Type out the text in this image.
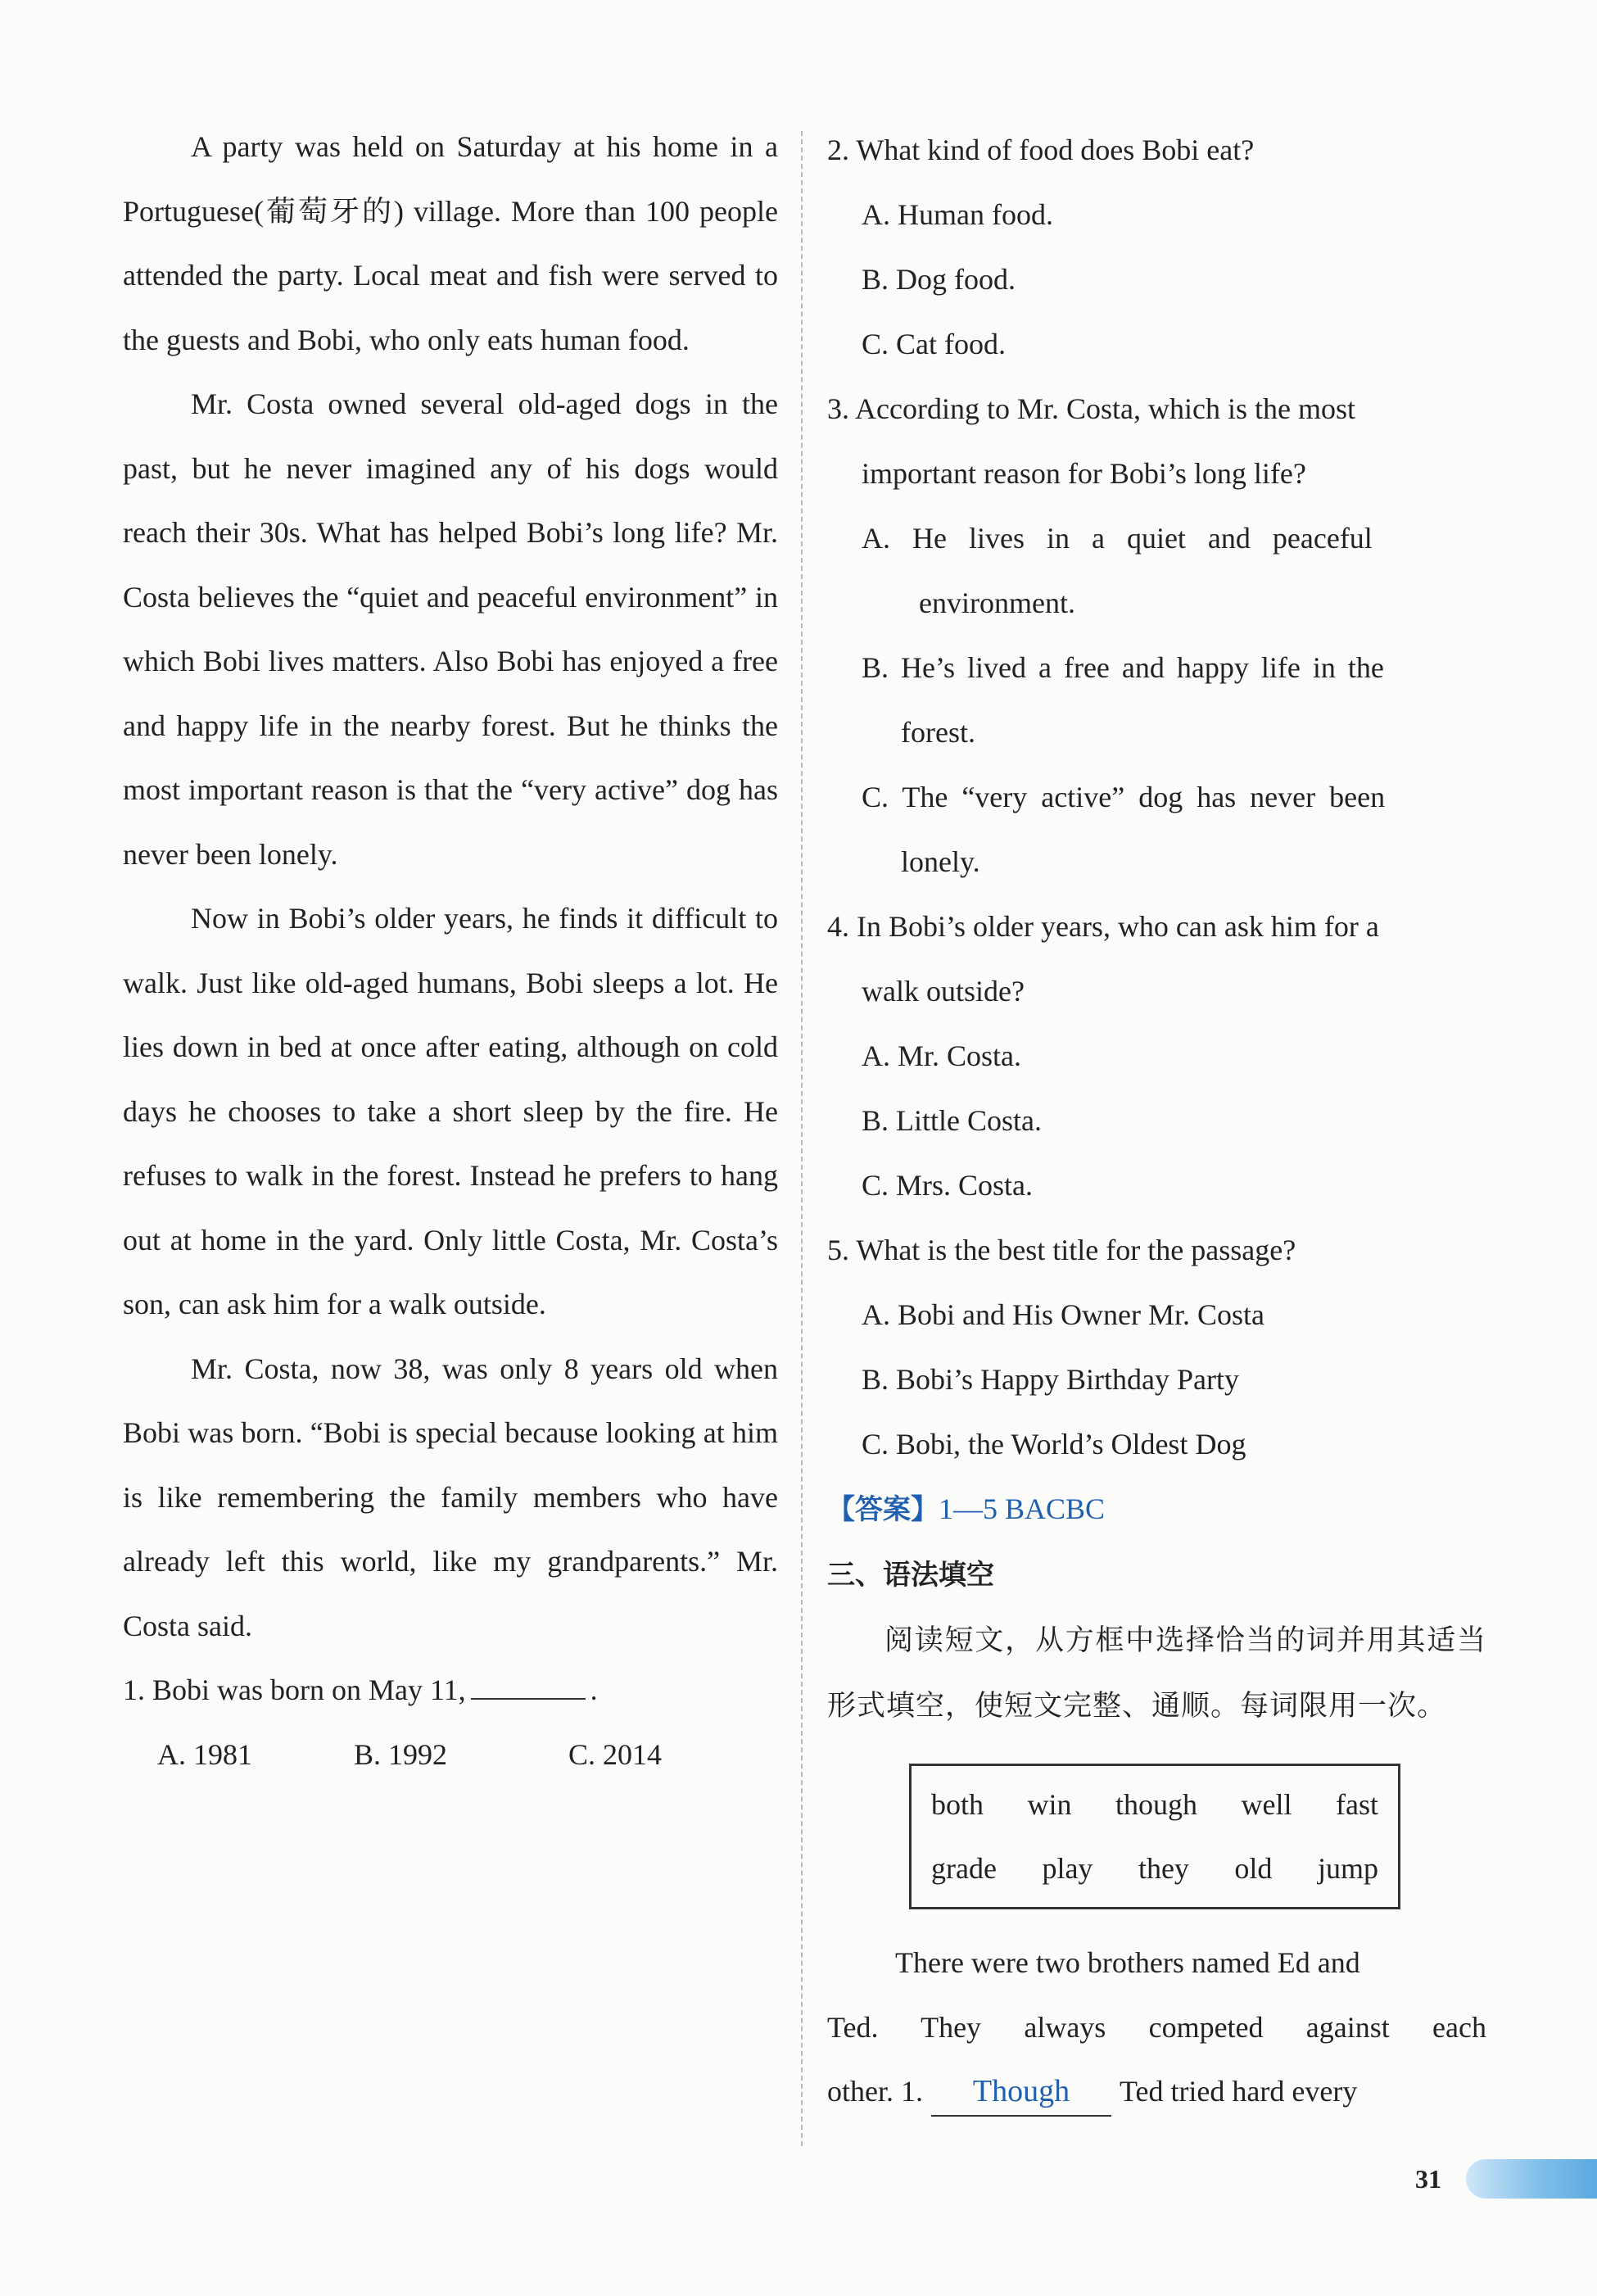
A party was held on Saturday at his home in a Portuguese(葡萄牙的) village. More than 100 people attended the party. Local meat and fish were served to the guests and Bobi, who only eats human food.

Mr. Costa owned several old-aged dogs in the past, but he never imagined any of his dogs would reach their 30s. What has helped Bobi’s long life? Mr. Costa believes the “quiet and peaceful environment” in which Bobi lives matters. Also Bobi has enjoyed a free and happy life in the nearby forest. But he thinks the most important reason is that the “very active” dog has never been lonely.

Now in Bobi’s older years, he finds it difficult to walk. Just like old-aged humans, Bobi sleeps a lot. He lies down in bed at once after eating, although on cold days he chooses to take a short sleep by the fire. He refuses to walk in the forest. Instead he prefers to hang out at home in the yard. Only little Costa, Mr. Costa’s son, can ask him for a walk outside.

Mr. Costa, now 38, was only 8 years old when Bobi was born. “Bobi is special because looking at him is like remembering the family members who have already left this world, like my grandparents.” Mr. Costa said.

1. Bobi was born on May 11,	.

A. 1981	B. 1992	C. 2014

2. What kind of food does Bobi eat?

A. Human food.

B. Dog food.

C. Cat food.

3. According to Mr. Costa, which is the most

important reason for Bobi’s long life?

A. He lives in a quiet and peaceful

environment.

B. He’s lived a free and happy life in the

forest.

C. The “very active” dog has never been

lonely.

4. In Bobi’s older years, who can ask him for a

walk outside?

A. Mr. Costa.

B. Little Costa.

C. Mrs. Costa.

5. What is the best title for the passage?

A. Bobi and His Owner Mr. Costa

B. Bobi’s Happy Birthday Party

C. Bobi, the World’s Oldest Dog

【答案】1—5 BACBC

三、语法填空

阅读短文，从方框中选择恰当的词并用其适当形式填空，使短文完整、通顺。每词限用一次。

both win though well fast
grade play they old jump

There were two brothers named Ed and

Ted. They always competed against each

other. 1. Though Ted tried hard every

31
